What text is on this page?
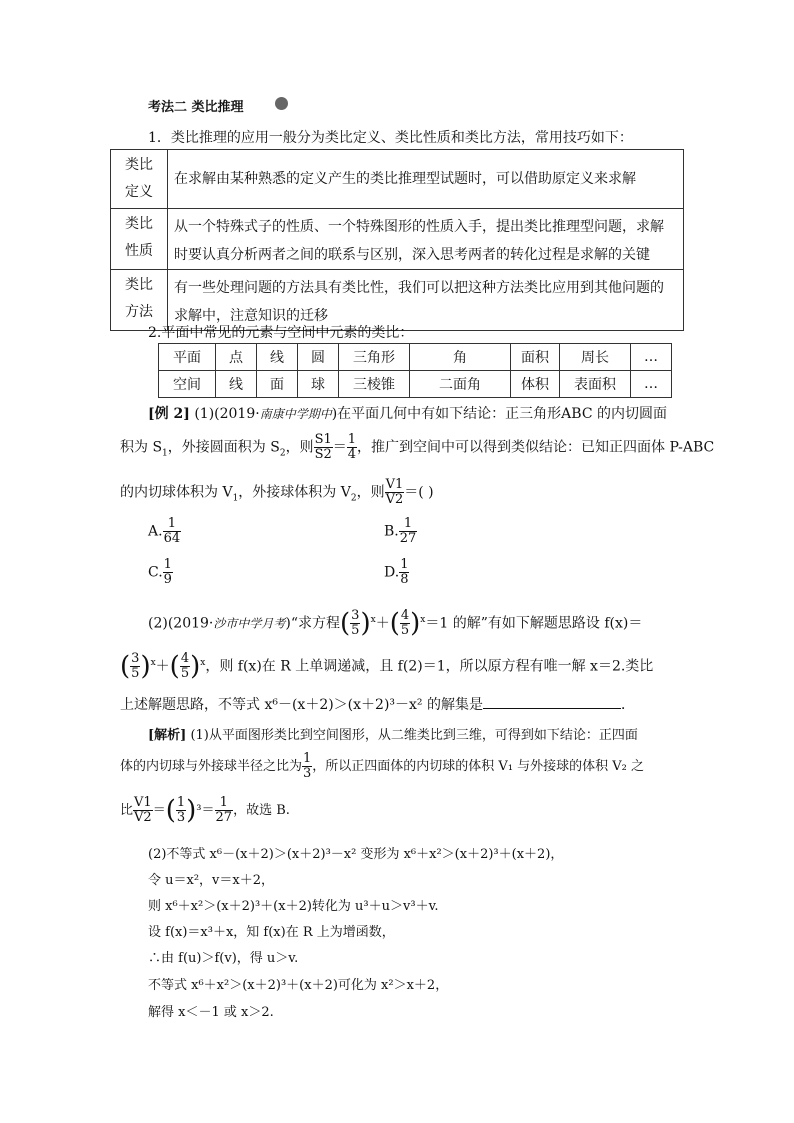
考法二 类比推理
1．类比推理的应用一般分为类比定义、类比性质和类比方法，常用技巧如下：
类比
定义	在求解由某种熟悉的定义产生的类比推理型试题时，可以借助原定义来求解
类比
性质	从一个特殊式子的性质、一个特殊图形的性质入手，提出类比推理型问题，求解时要认真分析两者之间的联系与区别，深入思考两者的转化过程是求解的关键
类比
方法	有一些处理问题的方法具有类比性，我们可以把这种方法类比应用到其他问题的求解中，注意知识的迁移
2.平面中常见的元素与空间中元素的类比：
平面	点	线	圆	三角形	角	面积	周长	…
空间	线	面	球	三棱锥	二面角	体积	表面积	…
[例 2] (1)(2019·南康中学期中)在平面几何中有如下结论：正三角形ABC 的内切圆面
积为 $S_1$，外接圆面积为 $S_2$，则 $\frac{S1}{S2} = \frac{1}{4}$ ，推广到空间中可以得到类似结论：已知正四面体 P-ABC
的内切球体积为 $V_1$，外接球体积为 $V_2$，则 $\frac{V1}{V2}$ ＝( )
A. $\frac{1}{64}$	B. $\frac{1}{27}$
C. $\frac{1}{9}$	D. $\frac{1}{8}$
(2)(2019·沙市中学月考)“求方程( $\frac{3}{5} )^x+( \frac{4}{5} )^x=1$ 的解”有如下解题思路设 f(x)＝
( $\frac{3}{5} )^x+( \frac{4}{5} )^x$，则 f(x)在 R 上单调递减，且 f(2)＝1，所以原方程有唯一解 x＝2.类比
上述解题思路，不等式 x⁶－(x＋2)＞(x＋2)³－x² 的解集是	．
[解析] (1)从平面图形类比到空间图形，从二维类比到三维，可得到如下结论：正四面
体的内切球与外接球半径之比为 $\frac{1}{3}$ ，所以正四面体的内切球的体积 V₁ 与外接球的体积 V₂ 之
比 $\frac{V1}{V2}$ ＝( $\frac{1}{3} )^3= \frac{1}{27}$ ，故选 B.
(2)不等式 x⁶－(x＋2)＞(x＋2)³－x² 变形为 x⁶＋x²＞(x＋2)³＋(x＋2)，
令 u＝x²，v＝x＋2，
则 x⁶＋x²＞(x＋2)³＋(x＋2)转化为 u³＋u＞v³＋v.
设 f(x)＝x³＋x，知 f(x)在 R 上为增函数，
∴由 f(u)＞f(v)，得 u＞v.
不等式 x⁶＋x²＞(x＋2)³＋(x＋2)可化为 x²＞x＋2，
解得 x＜－1 或 x＞2.
